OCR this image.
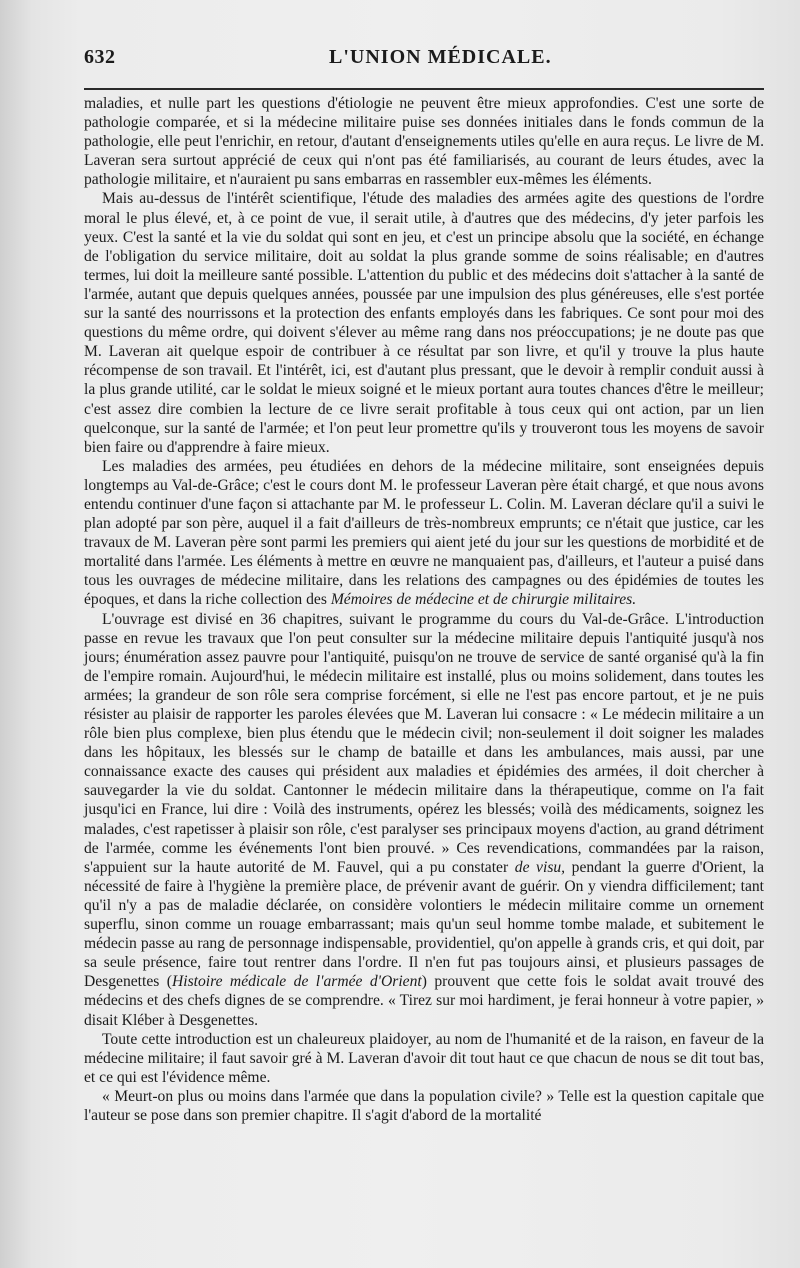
632	L'UNION MÉDICALE.

maladies, et nulle part les questions d'étiologie ne peuvent être mieux approfondies. C'est une sorte de pathologie comparée, et si la médecine militaire puise ses données initiales dans le fonds commun de la pathologie, elle peut l'enrichir, en retour, d'autant d'enseignements utiles qu'elle en aura reçus. Le livre de M. Laveran sera surtout apprécié de ceux qui n'ont pas été familiarisés, au courant de leurs études, avec la pathologie militaire, et n'auraient pu sans embarras en rassembler eux-mêmes les éléments.

Mais au-dessus de l'intérêt scientifique, l'étude des maladies des armées agite des questions de l'ordre moral le plus élevé, et, à ce point de vue, il serait utile, à d'autres que des médecins, d'y jeter parfois les yeux. C'est la santé et la vie du soldat qui sont en jeu, et c'est un principe absolu que la société, en échange de l'obligation du service militaire, doit au soldat la plus grande somme de soins réalisable; en d'autres termes, lui doit la meilleure santé possible. L'attention du public et des médecins doit s'attacher à la santé de l'armée, autant que depuis quelques années, poussée par une impulsion des plus généreuses, elle s'est portée sur la santé des nourrissons et la protection des enfants employés dans les fabriques. Ce sont pour moi des questions du même ordre, qui doivent s'élever au même rang dans nos préoccupations; je ne doute pas que M. Laveran ait quelque espoir de contribuer à ce résultat par son livre, et qu'il y trouve la plus haute récompense de son travail. Et l'intérêt, ici, est d'autant plus pressant, que le devoir à remplir conduit aussi à la plus grande utilité, car le soldat le mieux soigné et le mieux portant aura toutes chances d'être le meilleur; c'est assez dire combien la lecture de ce livre serait profitable à tous ceux qui ont action, par un lien quelconque, sur la santé de l'armée; et l'on peut leur promettre qu'ils y trouveront tous les moyens de savoir bien faire ou d'apprendre à faire mieux.

Les maladies des armées, peu étudiées en dehors de la médecine militaire, sont enseignées depuis longtemps au Val-de-Grâce; c'est le cours dont M. le professeur Laveran père était chargé, et que nous avons entendu continuer d'une façon si attachante par M. le professeur L. Colin. M. Laveran déclare qu'il a suivi le plan adopté par son père, auquel il a fait d'ailleurs de très-nombreux emprunts; ce n'était que justice, car les travaux de M. Laveran père sont parmi les premiers qui aient jeté du jour sur les questions de morbidité et de mortalité dans l'armée. Les éléments à mettre en œuvre ne manquaient pas, d'ailleurs, et l'auteur a puisé dans tous les ouvrages de médecine militaire, dans les relations des campagnes ou des épidémies de toutes les époques, et dans la riche collection des Mémoires de médecine et de chirurgie militaires.

L'ouvrage est divisé en 36 chapitres, suivant le programme du cours du Val-de-Grâce. L'introduction passe en revue les travaux que l'on peut consulter sur la médecine militaire depuis l'antiquité jusqu'à nos jours; énumération assez pauvre pour l'antiquité, puisqu'on ne trouve de service de santé organisé qu'à la fin de l'empire romain. Aujourd'hui, le médecin militaire est installé, plus ou moins solidement, dans toutes les armées; la grandeur de son rôle sera comprise forcément, si elle ne l'est pas encore partout, et je ne puis résister au plaisir de rapporter les paroles élevées que M. Laveran lui consacre : « Le médecin militaire a un rôle bien plus complexe, bien plus étendu que le médecin civil; non-seulement il doit soigner les malades dans les hôpitaux, les blessés sur le champ de bataille et dans les ambulances, mais aussi, par une connaissance exacte des causes qui président aux maladies et épidémies des armées, il doit chercher à sauvegarder la vie du soldat. Cantonner le médecin militaire dans la thérapeutique, comme on l'a fait jusqu'ici en France, lui dire : Voilà des instruments, opérez les blessés; voilà des médicaments, soignez les malades, c'est rapetisser à plaisir son rôle, c'est paralyser ses principaux moyens d'action, au grand détriment de l'armée, comme les événements l'ont bien prouvé. » Ces revendications, commandées par la raison, s'appuient sur la haute autorité de M. Fauvel, qui a pu constater de visu, pendant la guerre d'Orient, la nécessité de faire à l'hygiène la première place, de prévenir avant de guérir. On y viendra difficilement; tant qu'il n'y a pas de maladie déclarée, on considère volontiers le médecin militaire comme un ornement superflu, sinon comme un rouage embarrassant; mais qu'un seul homme tombe malade, et subitement le médecin passe au rang de personnage indispensable, providentiel, qu'on appelle à grands cris, et qui doit, par sa seule présence, faire tout rentrer dans l'ordre. Il n'en fut pas toujours ainsi, et plusieurs passages de Desgenettes (Histoire médicale de l'armée d'Orient) prouvent que cette fois le soldat avait trouvé des médecins et des chefs dignes de se comprendre. « Tirez sur moi hardiment, je ferai honneur à votre papier, » disait Kléber à Desgenettes.

Toute cette introduction est un chaleureux plaidoyer, au nom de l'humanité et de la raison, en faveur de la médecine militaire; il faut savoir gré à M. Laveran d'avoir dit tout haut ce que chacun de nous se dit tout bas, et ce qui est l'évidence même.

« Meurt-on plus ou moins dans l'armée que dans la population civile? » Telle est la question capitale que l'auteur se pose dans son premier chapitre. Il s'agit d'abord de la mortalité
